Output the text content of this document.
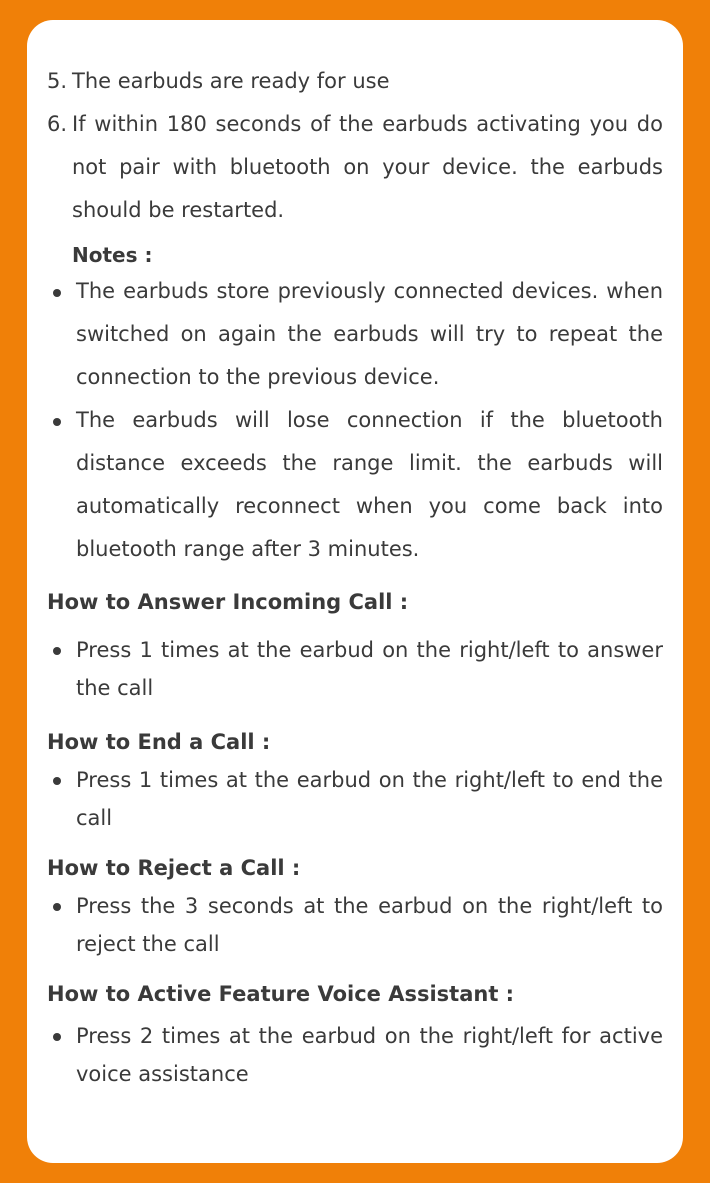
5. The earbuds are ready for use
6. If within 180 seconds of the earbuds activating you do not pair with bluetooth on your device. the earbuds should be restarted.
Notes :
The earbuds store previously connected devices. when switched on again the earbuds will try to repeat the connection to the previous device.
The earbuds will lose connection if the bluetooth distance exceeds the range limit. the earbuds will automatically reconnect when you come back into bluetooth range after 3 minutes.
How to Answer Incoming Call :
Press 1 times at the earbud on the right/left to answer the call
How to End a Call :
Press 1 times at the earbud on the right/left to end the call
How to Reject a Call :
Press the 3 seconds at the earbud on the right/left to reject the call
How to Active Feature Voice Assistant :
Press 2 times at the earbud on the right/left for active voice assistance
